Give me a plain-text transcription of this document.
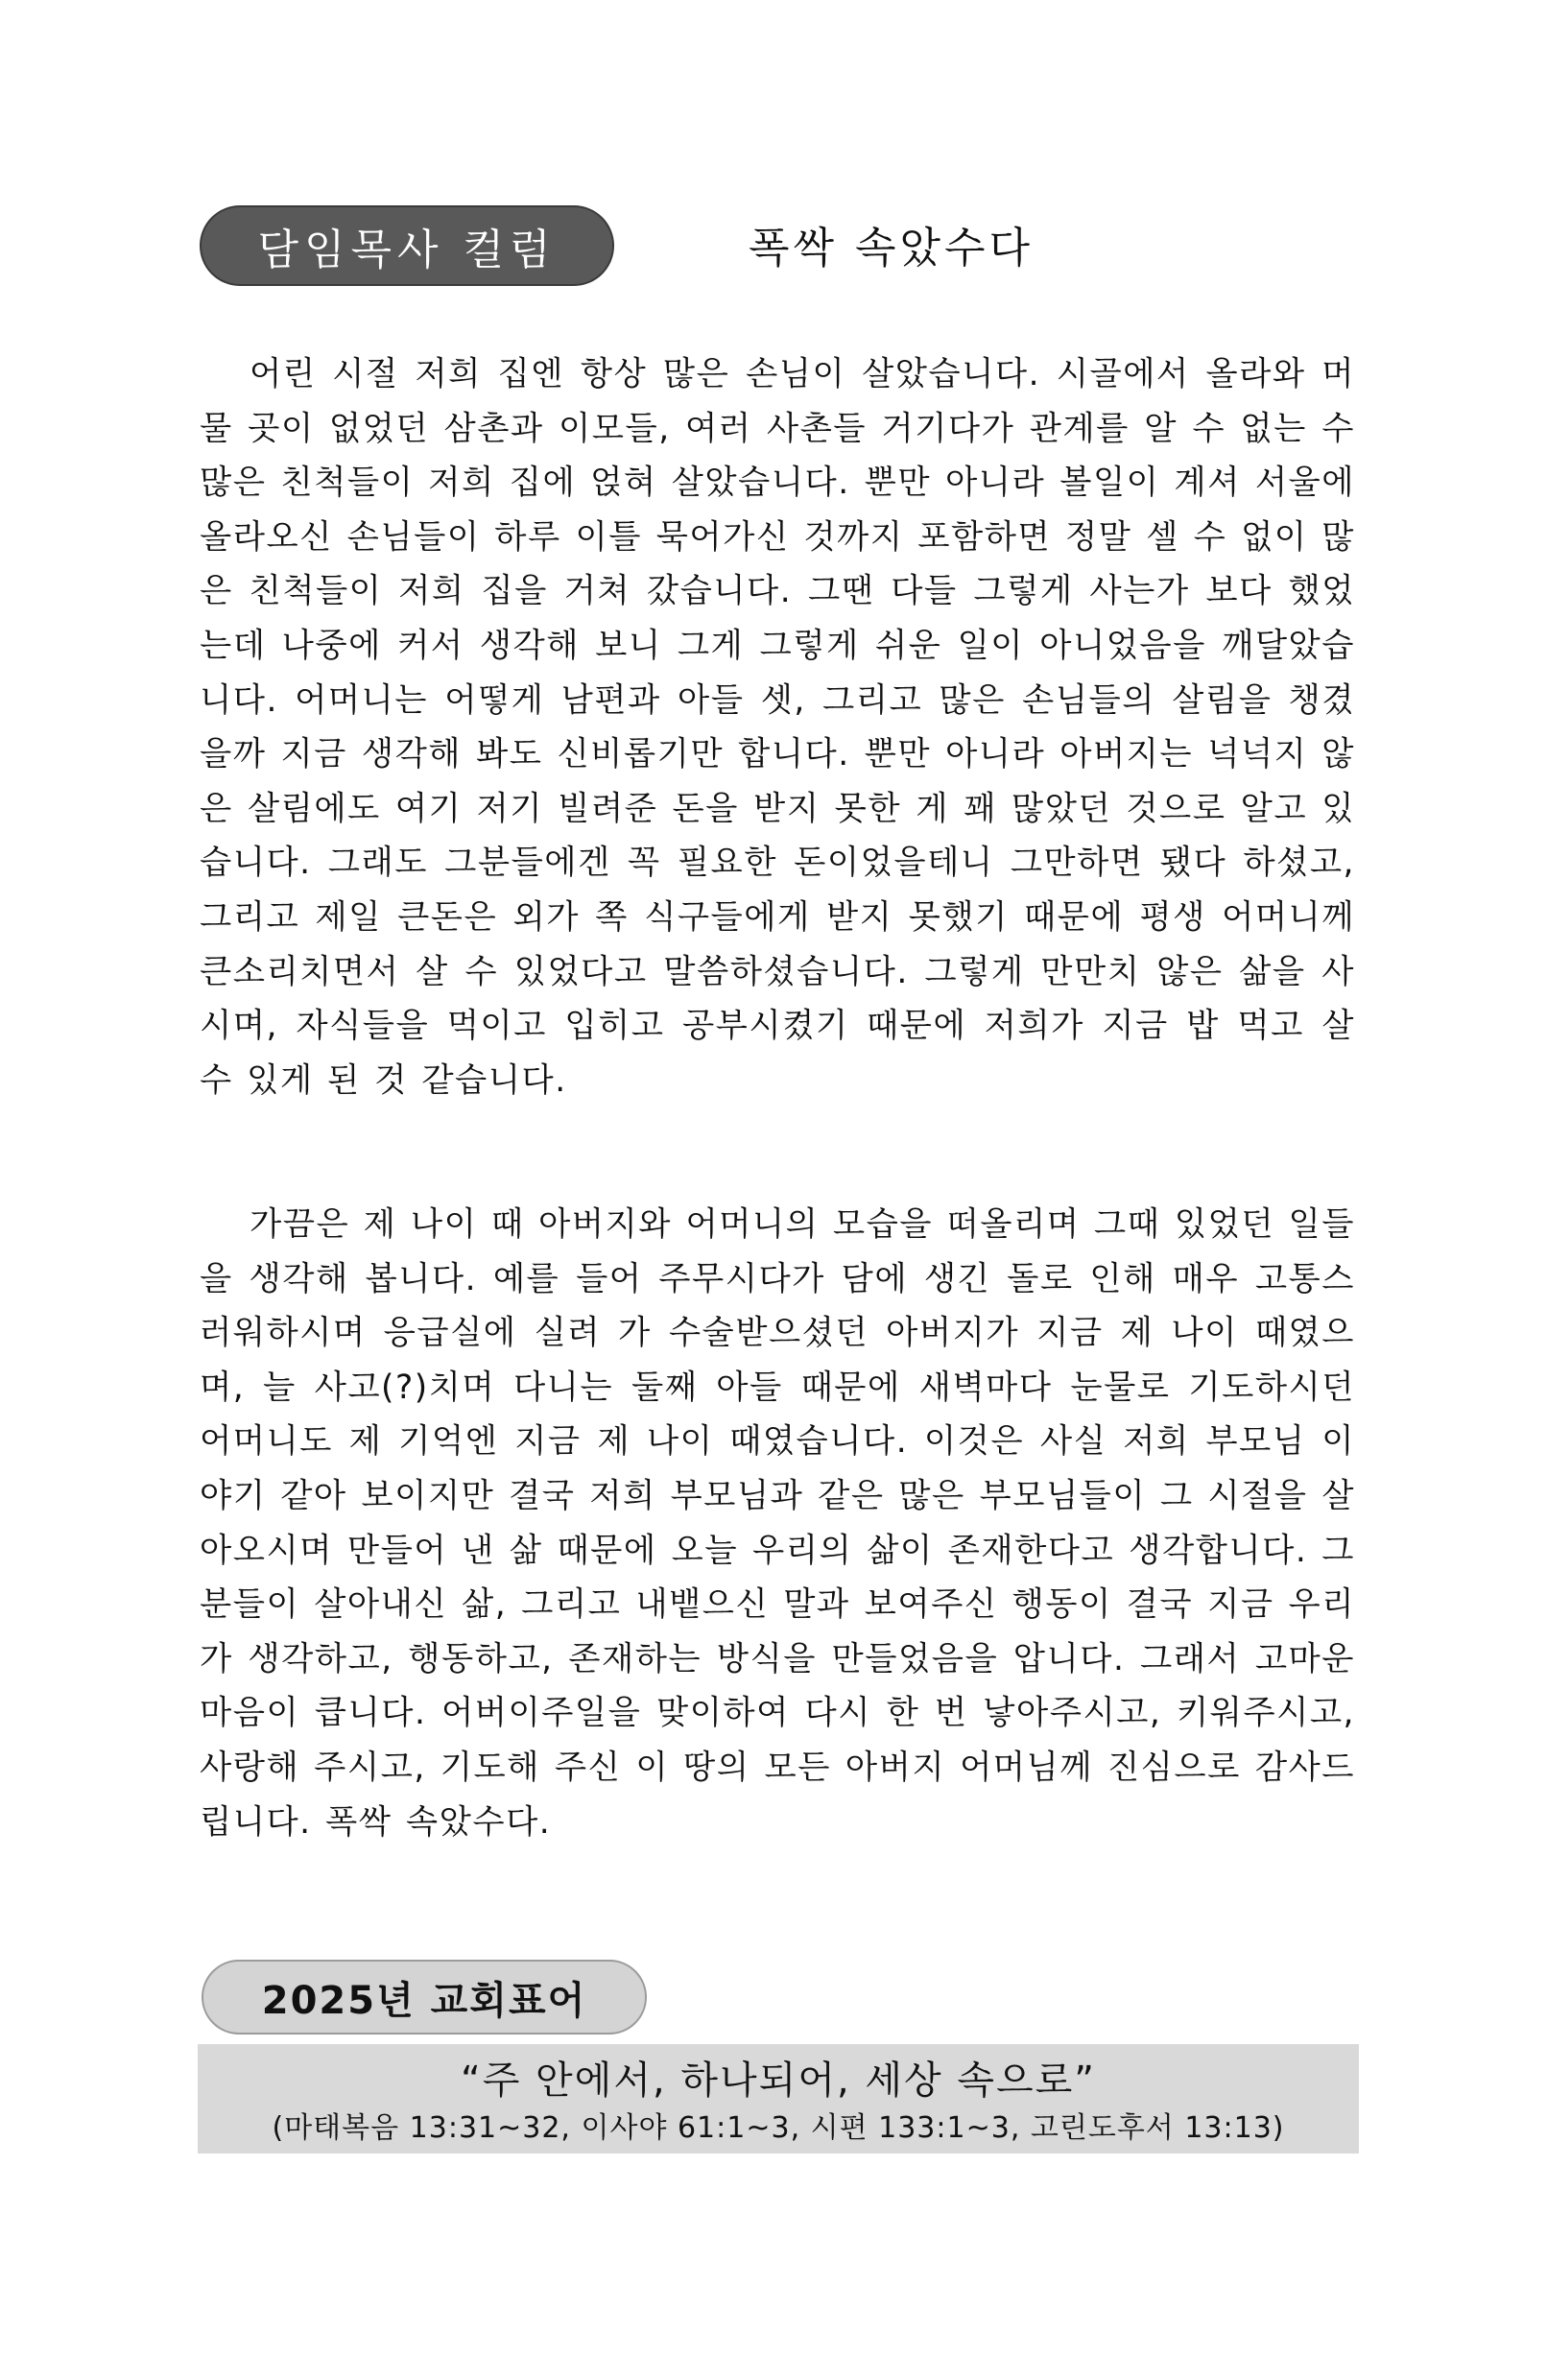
담임목사 컬럼	폭싹 속았수다

어린 시절 저희 집엔 항상 많은 손님이 살았습니다. 시골에서 올라와 머물 곳이 없었던 삼촌과 이모들, 여러 사촌들 거기다가 관계를 알 수 없는 수많은 친척들이 저희 집에 얹혀 살았습니다. 뿐만 아니라 볼일이 계셔 서울에 올라오신 손님들이 하루 이틀 묵어가신 것까지 포함하면 정말 셀 수 없이 많은 친척들이 저희 집을 거쳐 갔습니다. 그땐 다들 그렇게 사는가 보다 했었는데 나중에 커서 생각해 보니 그게 그렇게 쉬운 일이 아니었음을 깨달았습니다. 어머니는 어떻게 남편과 아들 셋, 그리고 많은 손님들의 살림을 챙겼을까 지금 생각해 봐도 신비롭기만 합니다. 뿐만 아니라 아버지는 넉넉지 않은 살림에도 여기 저기 빌려준 돈을 받지 못한 게 꽤 많았던 것으로 알고 있습니다. 그래도 그분들에겐 꼭 필요한 돈이었을테니 그만하면 됐다 하셨고, 그리고 제일 큰돈은 외가 쪽 식구들에게 받지 못했기 때문에 평생 어머니께 큰소리치면서 살 수 있었다고 말씀하셨습니다. 그렇게 만만치 않은 삶을 사시며, 자식들을 먹이고 입히고 공부시켰기 때문에 저희가 지금 밥 먹고 살 수 있게 된 것 같습니다.

가끔은 제 나이 때 아버지와 어머니의 모습을 떠올리며 그때 있었던 일들을 생각해 봅니다. 예를 들어 주무시다가 담에 생긴 돌로 인해 매우 고통스러워하시며 응급실에 실려 가 수술받으셨던 아버지가 지금 제 나이 때였으며, 늘 사고(?)치며 다니는 둘째 아들 때문에 새벽마다 눈물로 기도하시던 어머니도 제 기억엔 지금 제 나이 때였습니다. 이것은 사실 저희 부모님 이야기 같아 보이지만 결국 저희 부모님과 같은 많은 부모님들이 그 시절을 살아오시며 만들어 낸 삶 때문에 오늘 우리의 삶이 존재한다고 생각합니다. 그분들이 살아내신 삶, 그리고 내뱉으신 말과 보여주신 행동이 결국 지금 우리가 생각하고, 행동하고, 존재하는 방식을 만들었음을 압니다. 그래서 고마운 마음이 큽니다. 어버이주일을 맞이하여 다시 한 번 낳아주시고, 키워주시고, 사랑해 주시고, 기도해 주신 이 땅의 모든 아버지 어머님께 진심으로 감사드립니다. 폭싹 속았수다.

2025년 교회표어
“주 안에서, 하나되어, 세상 속으로”
(마태복음 13:31~32, 이사야 61:1~3, 시편 133:1~3, 고린도후서 13:13)
